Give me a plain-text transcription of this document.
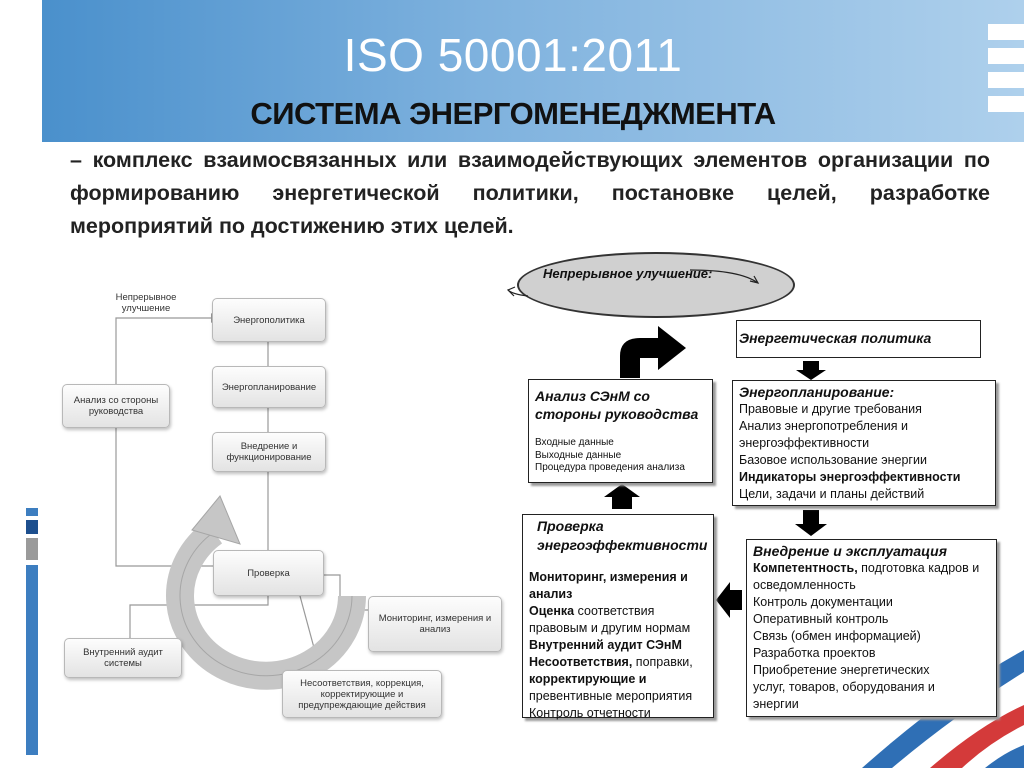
ISO 50001:2011
СИСТЕМА ЭНЕРГОМЕНЕДЖМЕНТА
– комплекс взаимосвязанных или взаимодействующих элементов организации по формированию энергетической политики, постановке целей, разработке мероприятий по достижению этих целей.
Непрерывное улучшение
Энергополитика
Энергопланирование
Внедрение и функционирование
Проверка
Анализ со стороны руководства
Внутренний аудит системы
Мониторинг, измерения и анализ
Несоответствия, коррекция, корректирующие и предупреждающие действия
Непрерывное улучшение:
Энергетическая политика
Анализ СЭнМ со стороны руководства
Входные данные
Выходные данные
Процедура проведения анализа
Энергопланирование:
Правовые и другие требования
Анализ энергопотребления и
энергоэффективности
Базовое использование энергии
Индикаторы энергоэффективности
Цели, задачи и планы действий
Проверка энергоэффективности
Мониторинг, измерения и
анализ
Оценка соответствия
правовым и другим нормам
Внутренний аудит СЭнМ
Несоответствия, поправки,
корректирующие и
превентивные мероприятия
Контроль отчетности
Внедрение и эксплуатация
Компетентность, подготовка кадров и
осведомленность
Контроль документации
Оперативный контроль
Связь (обмен информацией)
Разработка проектов
Приобретение энергетических
услуг, товаров, оборудования и
энергии
